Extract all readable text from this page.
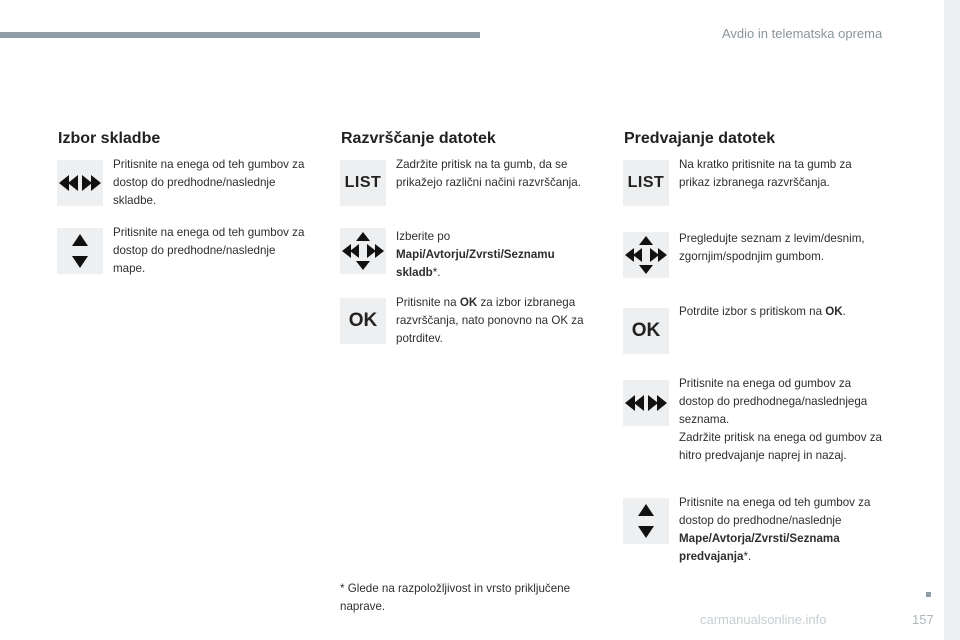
Avdio in telematska oprema
Izbor skladbe
Pritisnite na enega od teh gumbov za dostop do predhodne/naslednje skladbe.
Pritisnite na enega od teh gumbov za dostop do predhodne/naslednje mape.
Razvrščanje datotek
LIST
Zadržite pritisk na ta gumb, da se prikažejo različni načini razvrščanja.
Izberite po
Mapi/Avtorju/Zvrsti/Seznamu skladb*.
OK
Pritisnite na OK za izbor izbranega razvrščanja, nato ponovno na OK za potrditev.
Predvajanje datotek
LIST
Na kratko pritisnite na ta gumb za prikaz izbranega razvrščanja.
Pregledujte seznam z levim/desnim, zgornjim/spodnjim gumbom.
OK
Potrdite izbor s pritiskom na OK.
Pritisnite na enega od gumbov za dostop do predhodnega/naslednjega seznama.
Zadržite pritisk na enega od gumbov za hitro predvajanje naprej in nazaj.
Pritisnite na enega od teh gumbov za dostop do predhodne/naslednje Mape/Avtorja/Zvrsti/Seznama predvajanja*.
* Glede na razpoložljivost in vrsto priključene naprave.
carmanualsonline.info	157
